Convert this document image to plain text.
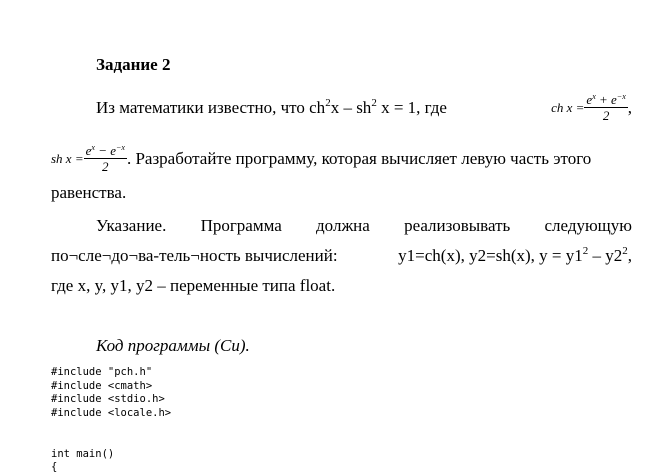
Задание 2
Из математики известно, что $ch^2x - sh^2$ x = 1, где	ch $x = \frac{e^x + e^{-x}}{2}$ ,
sh $x = \frac{e^x - e^{-x}}{2}$ . Разработайте программу, которая вычисляет левую часть этого
равенства.
Указание. Программа должна реализовывать следующую
по¬сле¬до¬ва-тель¬ность вычислений:	y1=ch(x), y2=sh(x), $y = y1^2 - y2^2$,
где x, y, y1, y2 – переменные типа float.
Код программы (Си).
#include "pch.h"
#include <cmath>
#include <stdio.h>
#include <locale.h>
int main()
{
